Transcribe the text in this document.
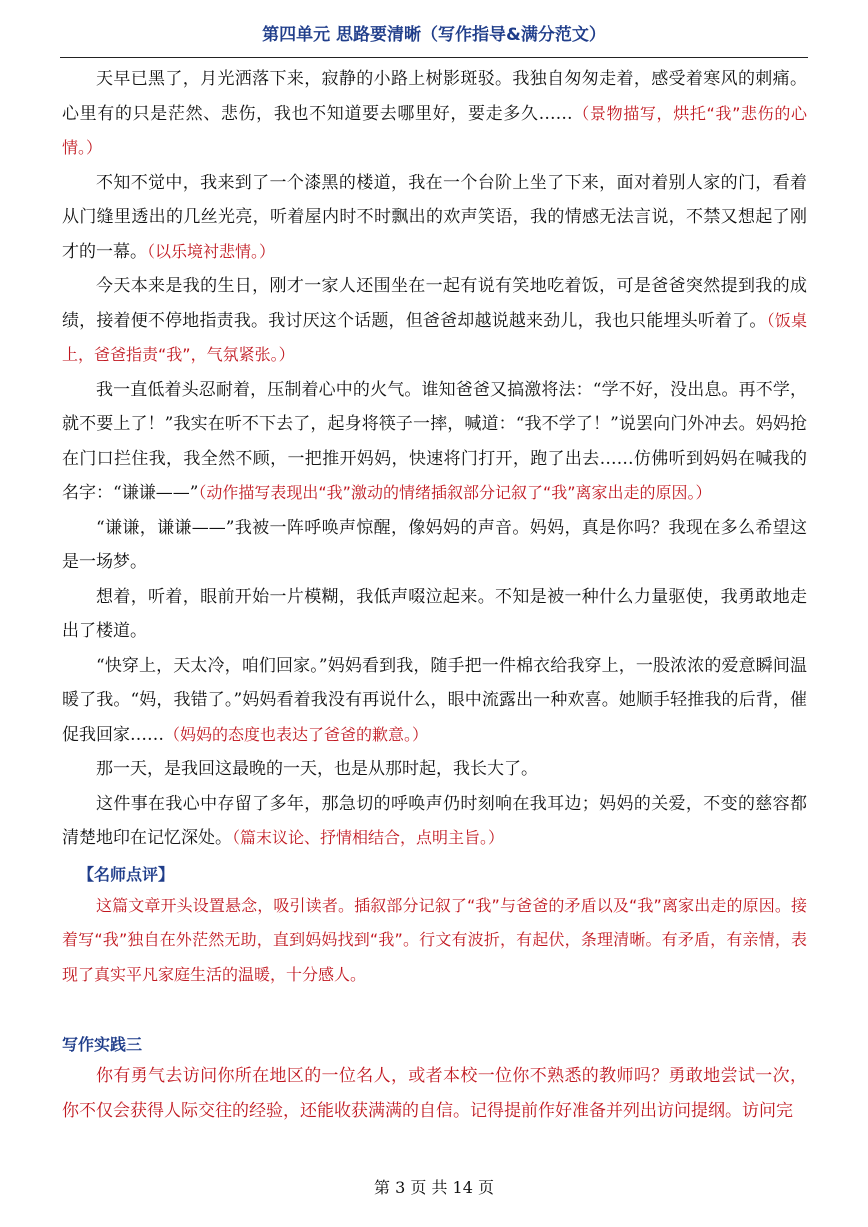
第四单元 思路要清晰（写作指导&满分范文）

天早已黑了，月光洒落下来，寂静的小路上树影斑驳。我独自匆匆走着，感受着寒风的刺痛。心里有的只是茫然、悲伤，我也不知道要去哪里好，要走多久……（景物描写，烘托“我”悲伤的心情。）

不知不觉中，我来到了一个漆黑的楼道，我在一个台阶上坐了下来，面对着别人家的门，看着从门缝里透出的几丝光亮，听着屋内时不时飘出的欢声笑语，我的情感无法言说，不禁又想起了刚才的一幕。（以乐境衬悲情。）

今天本来是我的生日，刚才一家人还围坐在一起有说有笑地吃着饭，可是爸爸突然提到我的成绩，接着便不停地指责我。我讨厌这个话题，但爸爸却越说越来劲儿，我也只能埋头听着了。（饭桌上，爸爸指责“我”，气氛紧张。）

我一直低着头忍耐着，压制着心中的火气。谁知爸爸又搞激将法：“学不好，没出息。再不学，就不要上了！”我实在听不下去了，起身将筷子一摔，喊道：“我不学了！”说罢向门外冲去。妈妈抢在门口拦住我，我全然不顾，一把推开妈妈，快速将门打开，跑了出去……仿佛听到妈妈在喊我的名字：“谦谦——”（动作描写表现出“我”激动的情绪插叙部分记叙了“我”离家出走的原因。）

“谦谦，谦谦——”我被一阵呼唤声惊醒，像妈妈的声音。妈妈，真是你吗？我现在多么希望这是一场梦。

想着，听着，眼前开始一片模糊，我低声啜泣起来。不知是被一种什么力量驱使，我勇敢地走出了楼道。

“快穿上，天太冷，咱们回家。”妈妈看到我，随手把一件棉衣给我穿上，一股浓浓的爱意瞬间温暖了我。“妈，我错了。”妈妈看着我没有再说什么，眼中流露出一种欢喜。她顺手轻推我的后背，催促我回家……（妈妈的态度也表达了爸爸的歉意。）

那一天，是我回这最晚的一天，也是从那时起，我长大了。

这件事在我心中存留了多年，那急切的呼唤声仍时刻响在我耳边；妈妈的关爱，不变的慈容都清楚地印在记忆深处。（篇末议论、抒情相结合，点明主旨。）

【名师点评】

这篇文章开头设置悬念，吸引读者。插叙部分记叙了“我”与爸爸的矛盾以及“我”离家出走的原因。接着写“我”独自在外茫然无助，直到妈妈找到“我”。行文有波折，有起伏，条理清晰。有矛盾，有亲情，表现了真实平凡家庭生活的温暖，十分感人。

写作实践三

你有勇气去访问你所在地区的一位名人，或者本校一位你不熟悉的教师吗？勇敢地尝试一次，你不仅会获得人际交往的经验，还能收获满满的自信。记得提前作好准备并列出访问提纲。访问完

第 3 页 共 14 页
